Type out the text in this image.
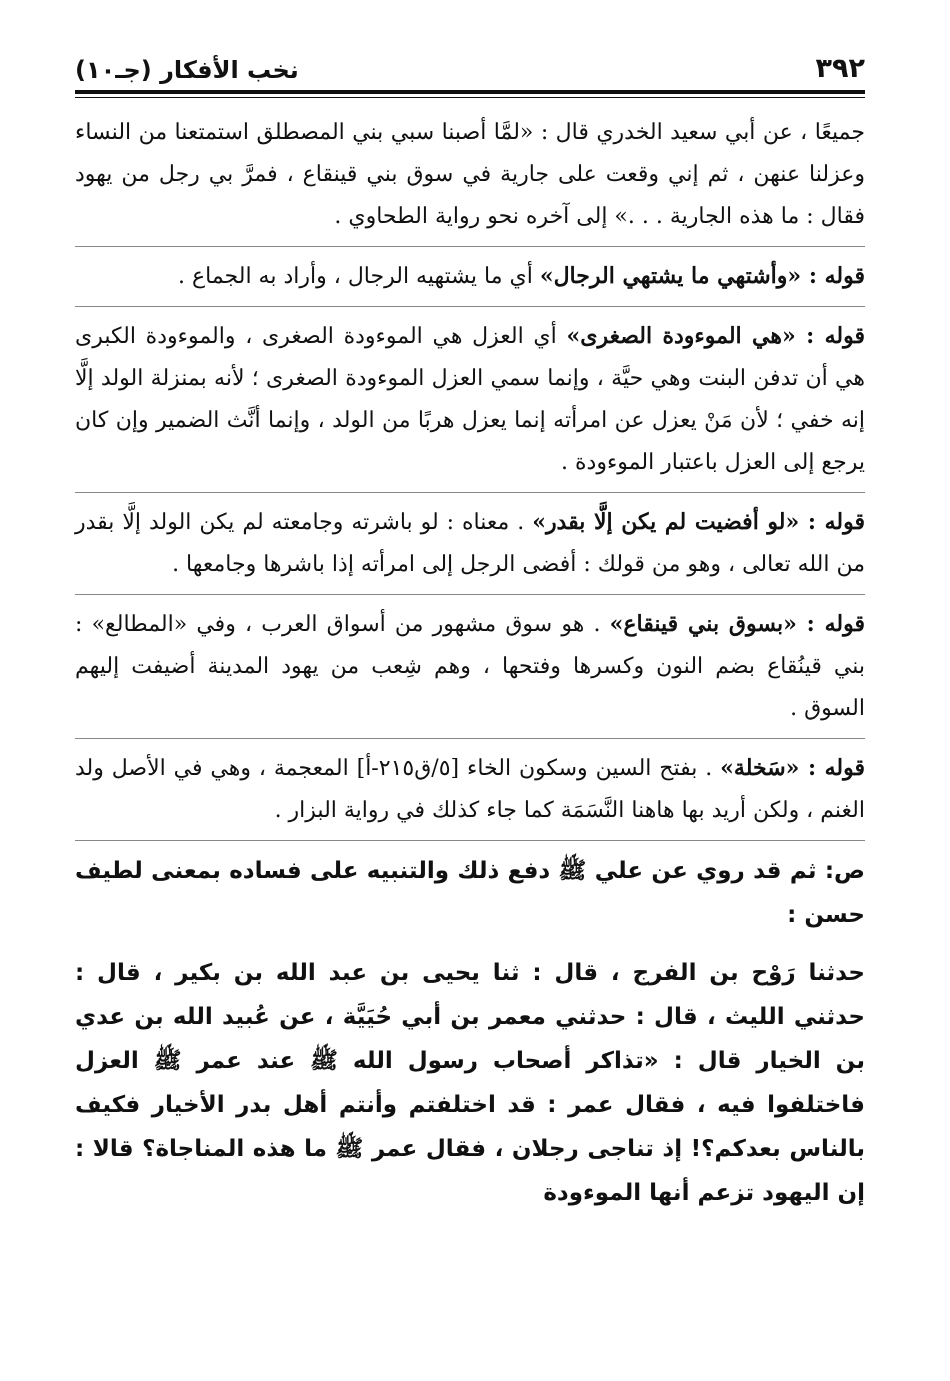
٣٩٢
نخب الأفكار (جـ١٠)

جميعًا ، عن أبي سعيد الخدري قال : «لمَّا أصبنا سبي بني المصطلق استمتعنا من النساء وعزلنا عنهن ، ثم إني وقعت على جارية في سوق بني قينقاع ، فمرَّ بي رجل من يهود فقال : ما هذه الجارية . . .» إلى آخره نحو رواية الطحاوي .

قوله : «وأشتهي ما يشتهي الرجال» أي ما يشتهيه الرجال ، وأراد به الجماع .

قوله : «هي الموءودة الصغرى» أي العزل هي الموءودة الصغرى ، والموءودة الكبرى هي أن تدفن البنت وهي حيَّة ، وإنما سمي العزل الموءودة الصغرى ؛ لأنه بمنزلة الولد إلَّا إنه خفي ؛ لأن مَنْ يعزل عن امرأته إنما يعزل هربًا من الولد ، وإنما أنَّث الضمير وإن كان يرجع إلى العزل باعتبار الموءودة .

قوله : «لو أفضيت لم يكن إلَّا بقدر» . معناه : لو باشرته وجامعته لم يكن الولد إلَّا بقدر من الله تعالى ، وهو من قولك : أفضى الرجل إلى امرأته إذا باشرها وجامعها .

قوله : «بسوق بني قينقاع» . هو سوق مشهور من أسواق العرب ، وفي «المطالع» : بني قينُقاع بضم النون وكسرها وفتحها ، وهم شِعب من يهود المدينة أضيفت إليهم السوق .

قوله : «سَخلة» . بفتح السين وسكون الخاء [٥/ق٢١٥-أ] المعجمة ، وهي في الأصل ولد الغنم ، ولكن أريد بها هاهنا النَّسَمَة كما جاء كذلك في رواية البزار .

ص: ثم قد روي عن علي ﷺ دفع ذلك والتنبيه على فساده بمعنى لطيف حسن :

حدثنا رَوْح بن الفرج ، قال : ثنا يحيى بن عبد الله بن بكير ، قال : حدثني الليث ، قال : حدثني معمر بن أبي حُيَيَّة ، عن عُبيد الله بن عدي بن الخيار قال : «تذاكر أصحاب رسول الله ﷺ عند عمر ﷺ العزل فاختلفوا فيه ، فقال عمر : قد اختلفتم وأنتم أهل بدر الأخيار فكيف بالناس بعدكم؟! إذ تناجى رجلان ، فقال عمر ﷺ ما هذه المناجاة؟ قالا : إن اليهود تزعم أنها الموءودة
